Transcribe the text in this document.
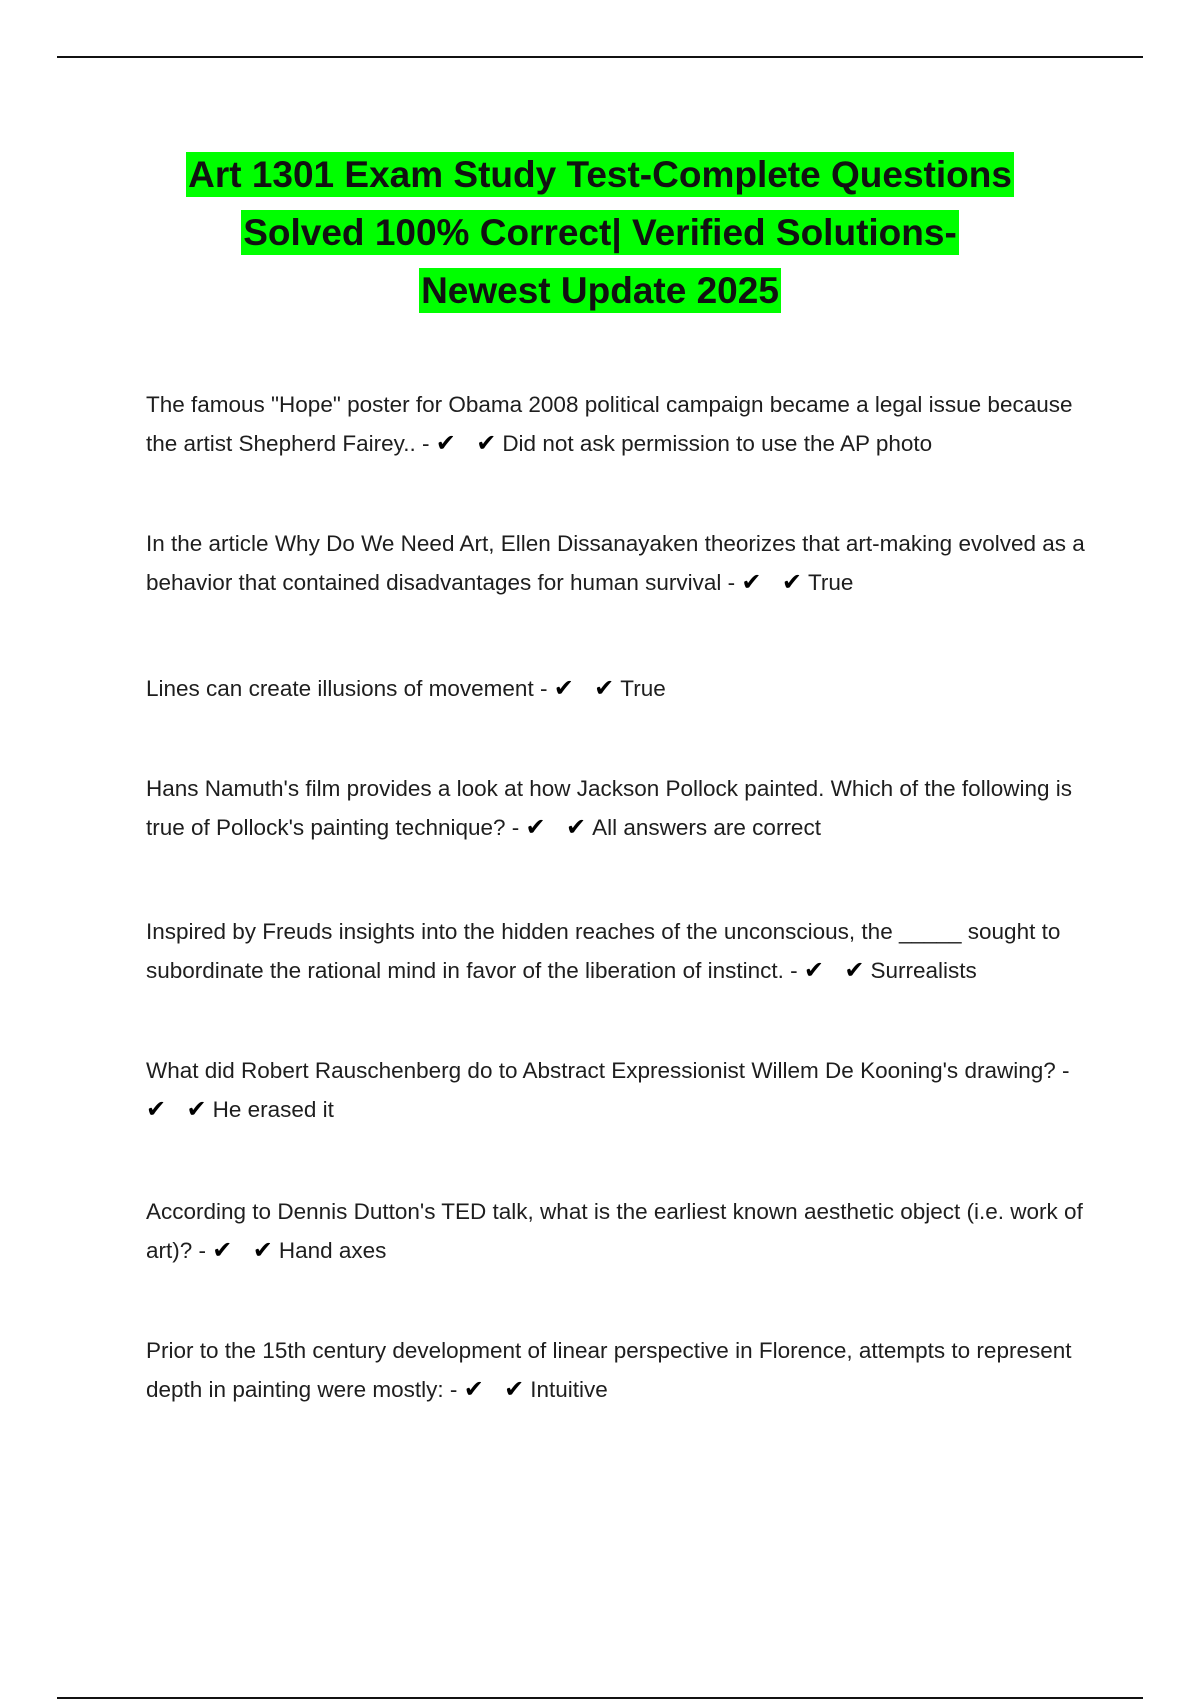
Art 1301 Exam Study Test-Complete Questions
Solved 100% Correct| Verified Solutions-
Newest Update 2025
The famous "Hope" poster for Obama 2008 political campaign became a legal issue because the artist Shepherd Fairey.. - ✔ ✔Did not ask permission to use the AP photo
In the article Why Do We Need Art, Ellen Dissanayaken theorizes that art-making evolved as a behavior that contained disadvantages for human survival - ✔ ✔True
Lines can create illusions of movement - ✔ ✔True
Hans Namuth's film provides a look at how Jackson Pollock painted. Which of the following is true of Pollock's painting technique? - ✔ ✔All answers are correct
Inspired by Freuds insights into the hidden reaches of the unconscious, the _____ sought to subordinate the rational mind in favor of the liberation of instinct. - ✔ ✔Surrealists
What did Robert Rauschenberg do to Abstract Expressionist Willem De Kooning's drawing? - ✔ ✔He erased it
According to Dennis Dutton's TED talk, what is the earliest known aesthetic object (i.e. work of art)? - ✔ ✔Hand axes
Prior to the 15th century development of linear perspective in Florence, attempts to represent depth in painting were mostly: - ✔ ✔Intuitive
